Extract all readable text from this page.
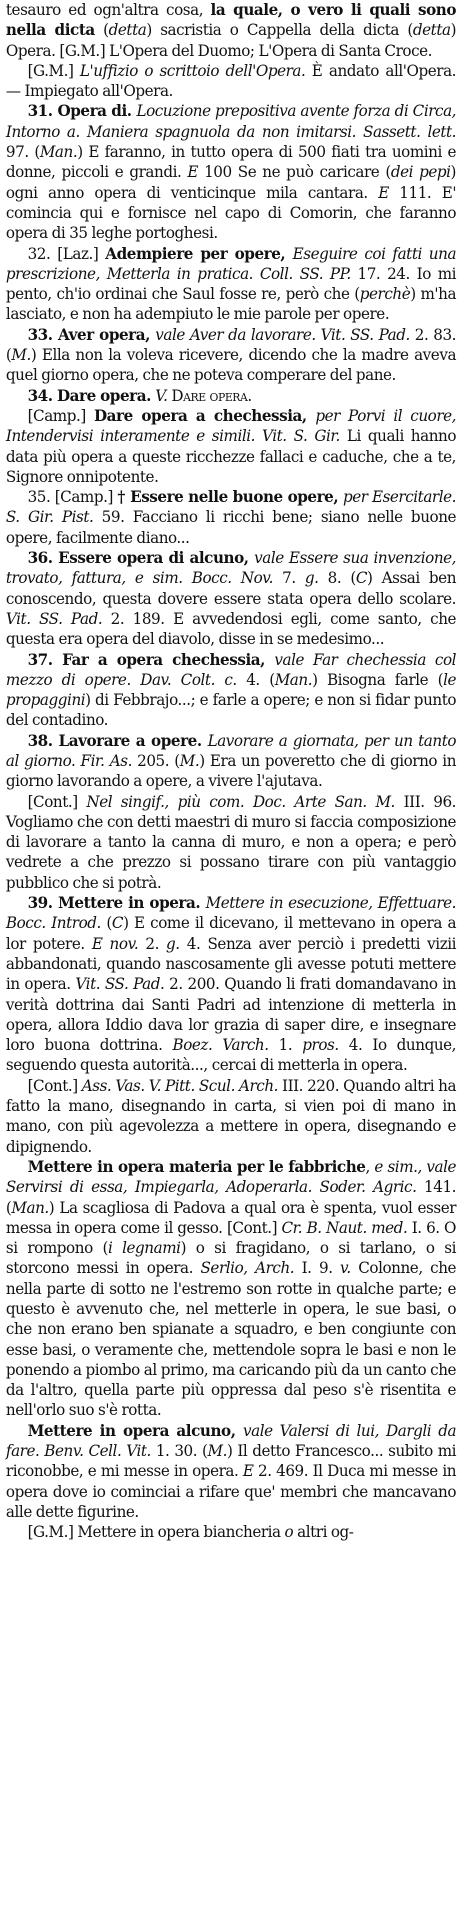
tesauro ed ogn'altra cosa, la quale, o vero li quali sono nella dicta (detta) sacristia o Cappella della dicta (detta) Opera. [G.M.] L'Opera del Duomo; L'Opera di Santa Croce.

[G.M.] L'uffizio o scrittoio dell'Opera. È andato all'Opera. — Impiegato all'Opera.

31. Opera di. Locuzione prepositiva avente forza di Circa, Intorno a. Maniera spagnuola da non imitarsi. Sassett. lett. 97. (Man.) E faranno, in tutto opera di 500 fiati tra uomini e donne, piccoli e grandi. E 100 Se ne può caricare (dei pepi) ogni anno opera di venticinque mila cantara. E 111. E' comincia qui e fornisce nel capo di Comorin, che faranno opera di 35 leghe portoghesi.

32. [Laz.] Adempiere per opere, Eseguire coi fatti una prescrizione, Metterla in pratica. Coll. SS. PP. 17. 24. Io mi pento, ch'io ordinai che Saul fosse re, però che (perchè) m'ha lasciato, e non ha adempiuto le mie parole per opere.

33. Aver opera, vale Aver da lavorare. Vit. SS. Pad. 2. 83. (M.) Ella non la voleva ricevere, dicendo che la madre aveva quel giorno opera, che ne poteva comperare del pane.

34. Dare opera. V. Dare opera.

[Camp.] Dare opera a chechessia, per Porvi il cuore, Intendervisi interamente e simili. Vit. S. Gir. Li quali hanno data più opera a queste ricchezze fallaci e caduche, che a te, Signore onnipotente.

35. [Camp.] † Essere nelle buone opere, per Esercitarle. S. Gir. Pist. 59. Facciano li ricchi bene; siano nelle buone opere, facilmente diano...

36. Essere opera di alcuno, vale Essere sua invenzione, trovato, fattura, e sim. Bocc. Nov. 7. g. 8. (C) Assai ben conoscendo, questa dovere essere stata opera dello scolare. Vit. SS. Pad. 2. 189. E avvedendosi egli, come santo, che questa era opera del diavolo, disse in se medesimo...

37. Far a opera chechessia, vale Far chechessia col mezzo di opere. Dav. Colt. c. 4. (Man.) Bisogna farle (le propaggini) di Febbrajo...; e farle a opere; e non si fidar punto del contadino.

38. Lavorare a opere. Lavorare a giornata, per un tanto al giorno. Fir. As. 205. (M.) Era un poveretto che di giorno in giorno lavorando a opere, a vivere l'ajutava.

[Cont.] Nel singif., più com. Doc. Arte San. M. III. 96. Vogliamo che con detti maestri di muro si faccia composizione di lavorare a tanto la canna di muro, e non a opera; e però vedrete a che prezzo si possano tirare con più vantaggio pubblico che si potrà.

39. Mettere in opera. Mettere in esecuzione, Effettuare. Bocc. Introd. (C) E come il dicevano, il mettevano in opera a lor potere. E nov. 2. g. 4. Senza aver perciò i predetti vizii abbandonati, quando nascosamente gli avesse potuti mettere in opera. Vit. SS. Pad. 2. 200. Quando li frati domandavano in verità dottrina dai Santi Padri ad intenzione di metterla in opera, allora Iddio dava lor grazia di saper dire, e insegnare loro buona dottrina. Boez. Varch. 1. pros. 4. Io dunque, seguendo questa autorità..., cercai di metterla in opera.

[Cont.] Ass. Vas. V. Pitt. Scul. Arch. III. 220. Quando altri ha fatto la mano, disegnando in carta, si vien poi di mano in mano, con più agevolezza a mettere in opera, disegnando e dipignendo.

Mettere in opera materia per le fabbriche, e sim., vale Servirsi di essa, Impiegarla, Adoperarla. Soder. Agric. 141. (Man.) La scagliosa di Padova a qual ora è spenta, vuol esser messa in opera come il gesso. [Cont.] Cr. B. Naut. med. I. 6. O si rompono (i legnami) o si fragidano, o si tarlano, o si storcono messi in opera. Serlio, Arch. I. 9. v. Colonne, che nella parte di sotto ne l'estremo son rotte in qualche parte; e questo è avvenuto che, nel metterle in opera, le sue basi, o che non erano ben spianate a squadro, e ben congiunte con esse basi, o veramente che, mettendole sopra le basi e non le ponendo a piombo al primo, ma caricando più da un canto che da l'altro, quella parte più oppressa dal peso s'è risentita e nell'orlo suo s'è rotta.

Mettere in opera alcuno, vale Valersi di lui, Dargli da fare. Benv. Cell. Vit. 1. 30. (M.) Il detto Francesco... subito mi riconobbe, e mi messe in opera. E 2. 469. Il Duca mi messe in opera dove io cominciai a rifare que' membri che mancavano alle dette figurine.

[G.M.] Mettere in opera biancheria o altri og-
